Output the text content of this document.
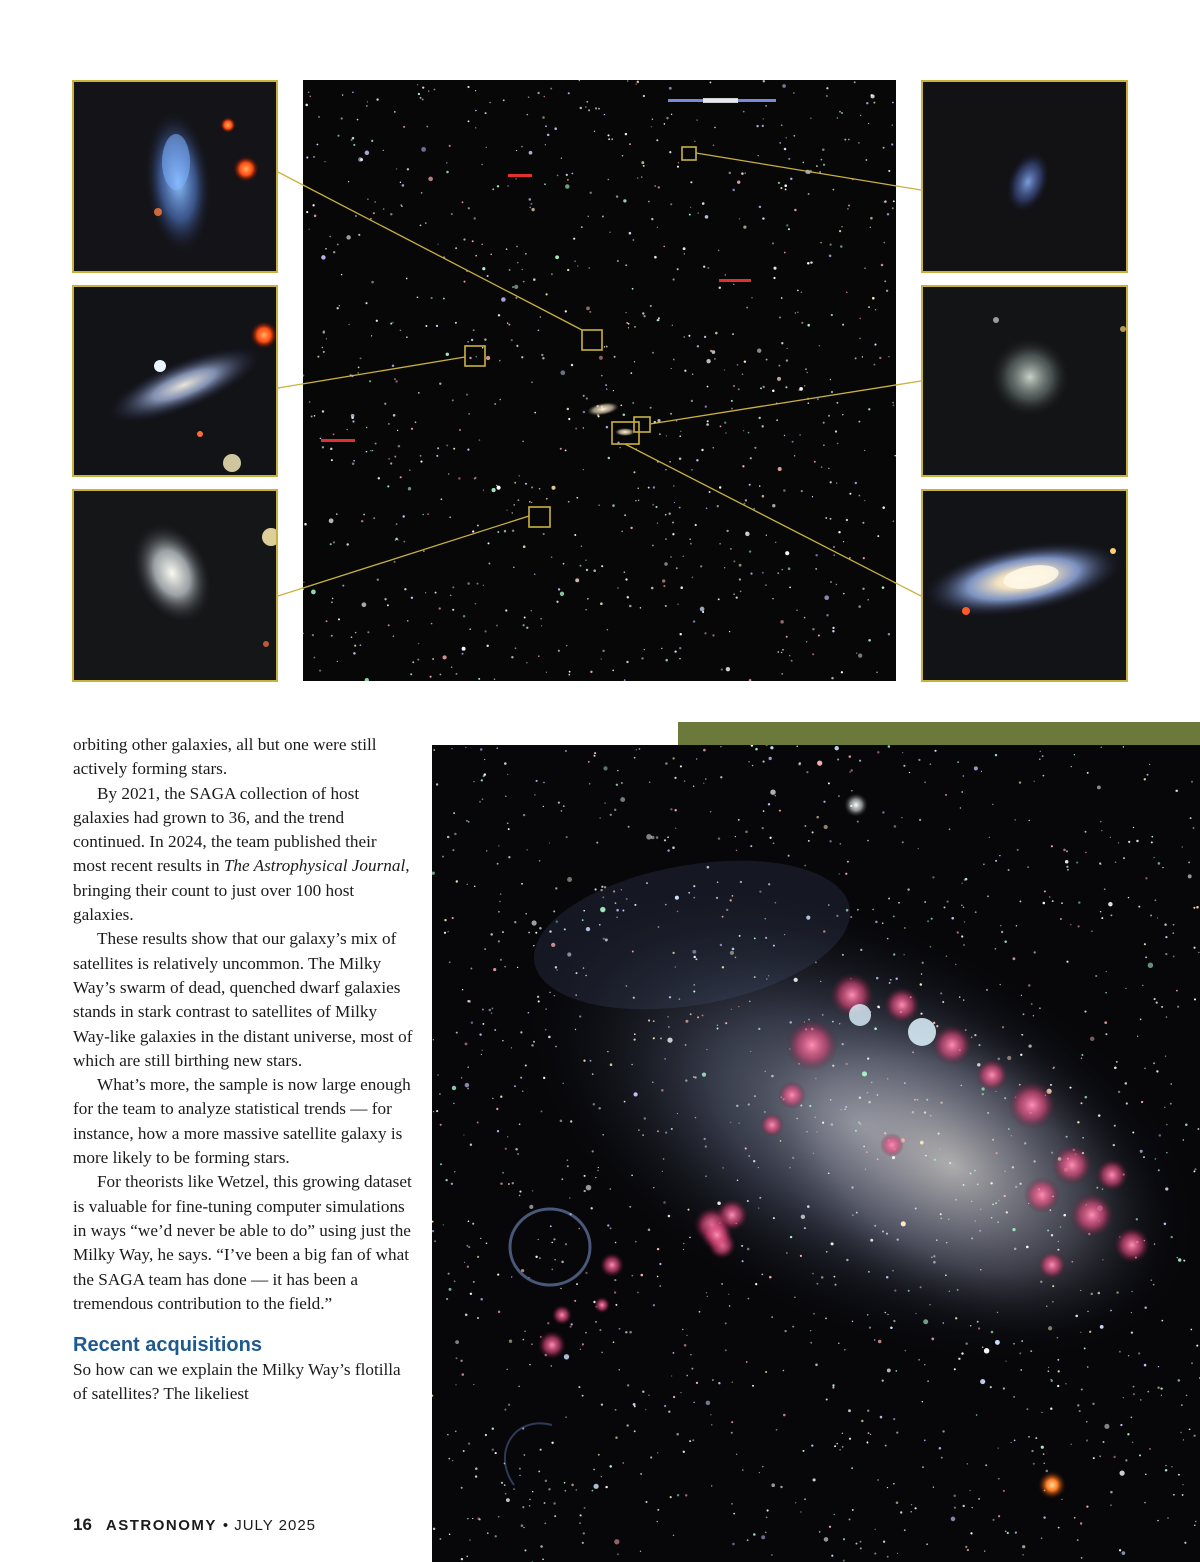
orbiting other galaxies, all but one were still actively forming stars.

By 2021, the SAGA collection of host galaxies had grown to 36, and the trend continued. In 2024, the team published their most recent results in The Astrophysical Journal, bringing their count to just over 100 host galaxies.

These results show that our galaxy’s mix of satellites is relatively uncommon. The Milky Way’s swarm of dead, quenched dwarf galaxies stands in stark contrast to satellites of Milky Way-like galaxies in the distant universe, most of which are still birthing new stars.

What’s more, the sample is now large enough for the team to analyze statistical trends — for instance, how a more massive satellite galaxy is more likely to be forming stars.

For theorists like Wetzel, this growing dataset is valuable for fine-tuning computer simulations in ways “we’d never be able to do” using just the Milky Way, he says. “I’ve been a big fan of what the SAGA team has done — it has been a tremendous contribution to the field.”

Recent acquisitions

So how can we explain the Milky Way’s flotilla of satellites? The likeliest

16 ASTRONOMY • JULY 2025
